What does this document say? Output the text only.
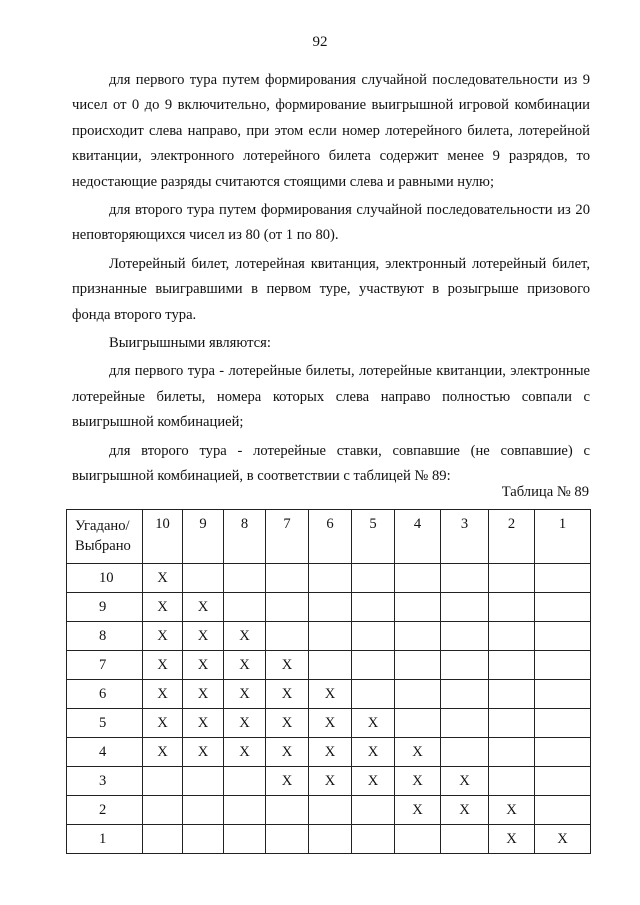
92

для первого тура путем формирования случайной последовательности из 9 чисел от 0 до 9 включительно, формирование выигрышной игровой комбинации происходит слева направо, при этом если номер лотерейного билета, лотерейной квитанции, электронного лотерейного билета содержит менее 9 разрядов, то недостающие разряды считаются стоящими слева и равными нулю;

для второго тура путем формирования случайной последовательности из 20 неповторяющихся чисел из 80 (от 1 по 80).

Лотерейный билет, лотерейная квитанция, электронный лотерейный билет, признанные выигравшими в первом туре, участвуют в розыгрыше призового фонда второго тура.

Выигрышными являются:

для первого тура - лотерейные билеты, лотерейные квитанции, электронные лотерейные билеты, номера которых слева направо полностью совпали с выигрышной комбинацией;

для второго тура - лотерейные ставки, совпавшие (не совпавшие) с выигрышной комбинацией, в соответствии с таблицей № 89:

Таблица № 89
Угадано/
Выбрано	10	9	8	7	6	5	4	3	2	1
10	X									
9	X	X								
8	X	X	X							
7	X	X	X	X						
6	X	X	X	X	X					
5	X	X	X	X	X	X				
4	X	X	X	X	X	X	X			
3				X	X	X	X	X		
2							X	X	X	
1									X	X
